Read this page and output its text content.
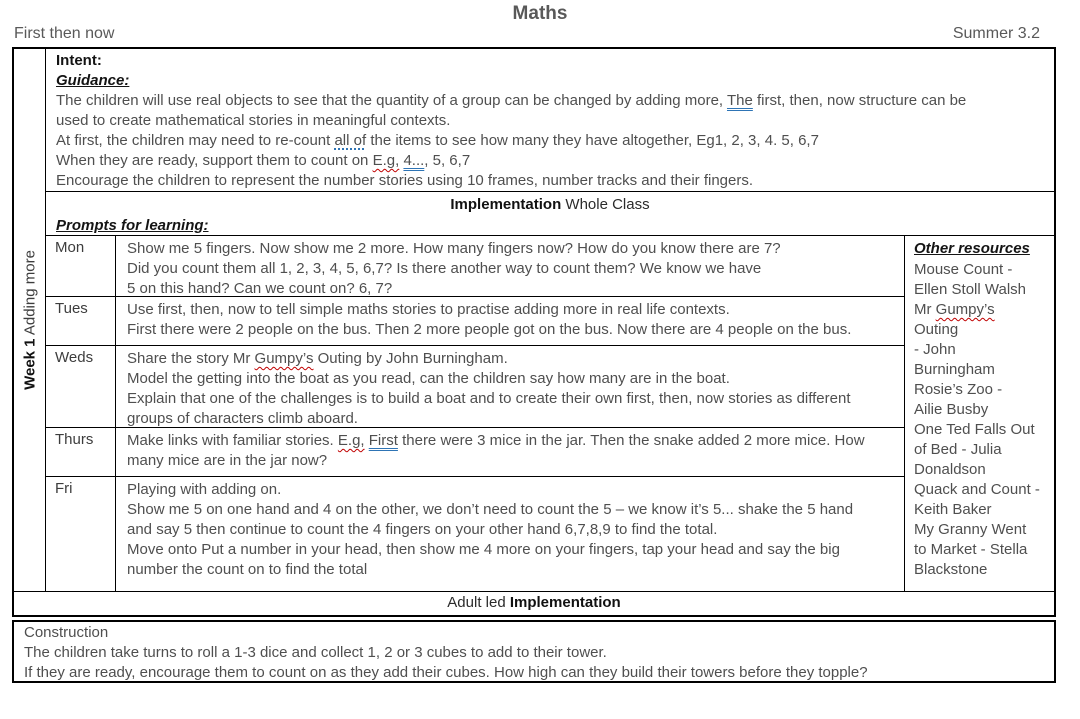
Maths
First then now	Summer 3.2
Week 1 Adding more
Intent:
Guidance:
The children will use real objects to see that the quantity of a group can be changed by adding more, The first, then, now structure can be
used to create mathematical stories in meaningful contexts.
At first, the children may need to re-count all of the items to see how many they have altogether, Eg1, 2, 3, 4. 5, 6,7
When they are ready, support them to count on E.g, 4..., 5, 6,7
Encourage the children to represent the number stories using 10 frames, number tracks and their fingers.
Implementation Whole Class
Prompts for learning:
Mon	Show me 5 fingers. Now show me 2 more. How many fingers now? How do you know there are 7?
Did you count them all 1, 2, 3, 4, 5, 6,7? Is there another way to count them? We know we have
5 on this hand? Can we count on? 6, 7?
Tues	Use first, then, now to tell simple maths stories to practise adding more in real life contexts.
First there were 2 people on the bus. Then 2 more people got on the bus. Now there are 4 people on the bus.
Weds	Share the story Mr Gumpy’s Outing by John Burningham.
Model the getting into the boat as you read, can the children say how many are in the boat.
Explain that one of the challenges is to build a boat and to create their own first, then, now stories as different
groups of characters climb aboard.
Thurs	Make links with familiar stories. E.g, First there were 3 mice in the jar. Then the snake added 2 more mice. How
many mice are in the jar now?
Fri	Playing with adding on.
Show me 5 on one hand and 4 on the other, we don’t need to count the 5 – we know it’s 5... shake the 5 hand
and say 5 then continue to count the 4 fingers on your other hand 6,7,8,9 to find the total.
Move onto Put a number in your head, then show me 4 more on your fingers, tap your head and say the big
number the count on to find the total
Other resources
Mouse Count -
Ellen Stoll Walsh
Mr Gumpy’s
Outing
- John
Burningham
Rosie’s Zoo -
Ailie Busby
One Ted Falls Out
of Bed - Julia
Donaldson
Quack and Count -
Keith Baker
My Granny Went
to Market - Stella
Blackstone
Adult led Implementation
Construction
The children take turns to roll a 1-3 dice and collect 1, 2 or 3 cubes to add to their tower.
If they are ready, encourage them to count on as they add their cubes. How high can they build their towers before they topple?
